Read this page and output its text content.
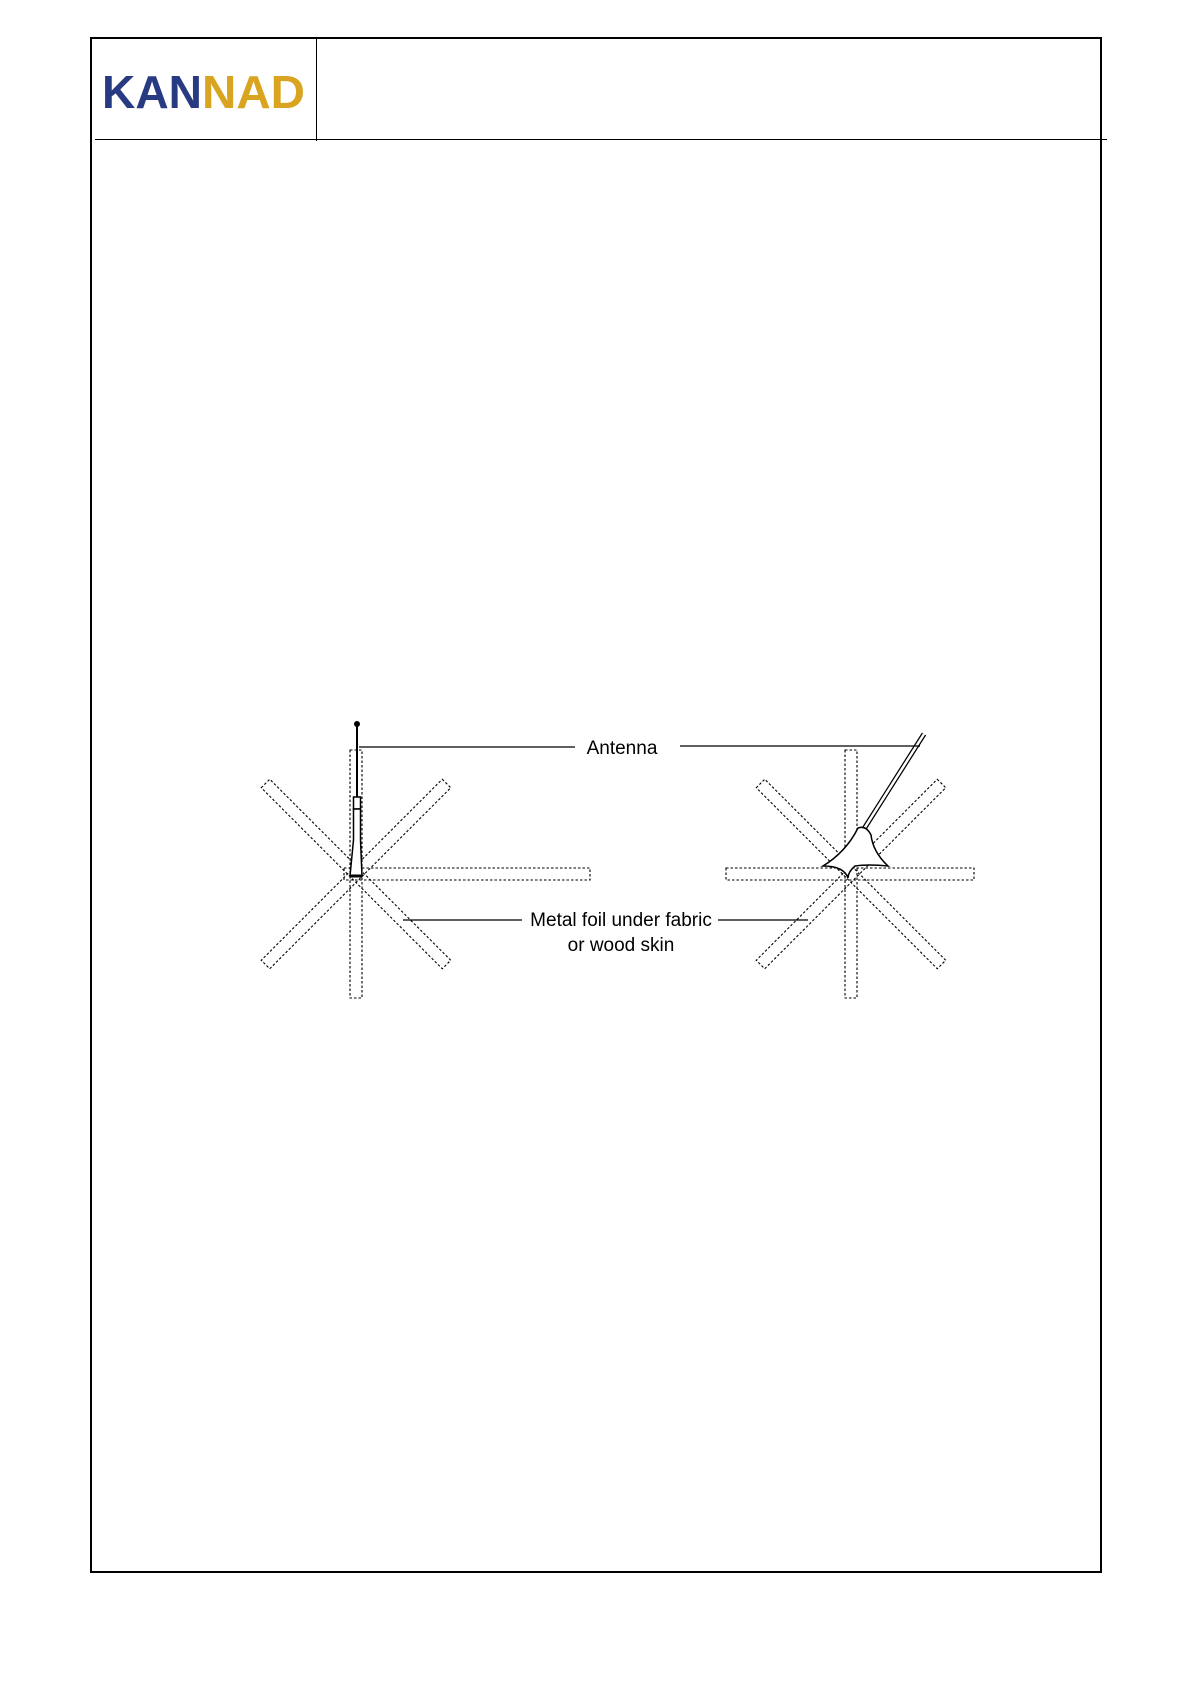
KAN NAD
Antenna
Metal foil under fabric
or wood skin
